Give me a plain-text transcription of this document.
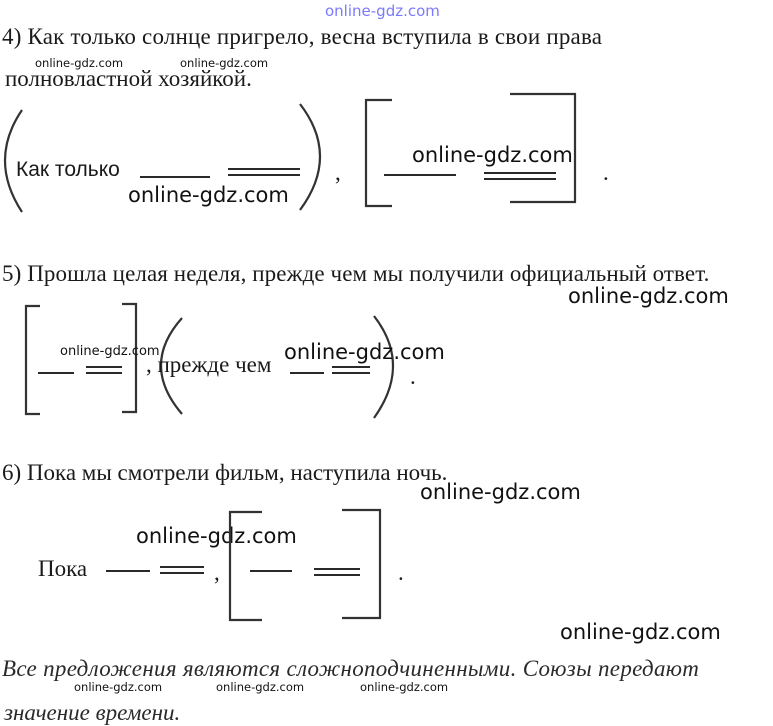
online-gdz.com
4) Как только солнце пригрело, весна вступила в свои права
online-gdz.com	online-gdz.com
полновластной хозяйкой.
Как только	,	.
online-gdz.com
online-gdz.com
5) Прошла целая неделя, прежде чем мы получили официальный ответ.
online-gdz.com
online-gdz.com
, прежде чем	.
online-gdz.com
6) Пока мы смотрели фильм, наступила ночь.
online-gdz.com
online-gdz.com
Пока	,	.
online-gdz.com
Все предложения являются сложноподчиненными. Союзы передают
online-gdz.com	online-gdz.com	online-gdz.com
значение времени.
